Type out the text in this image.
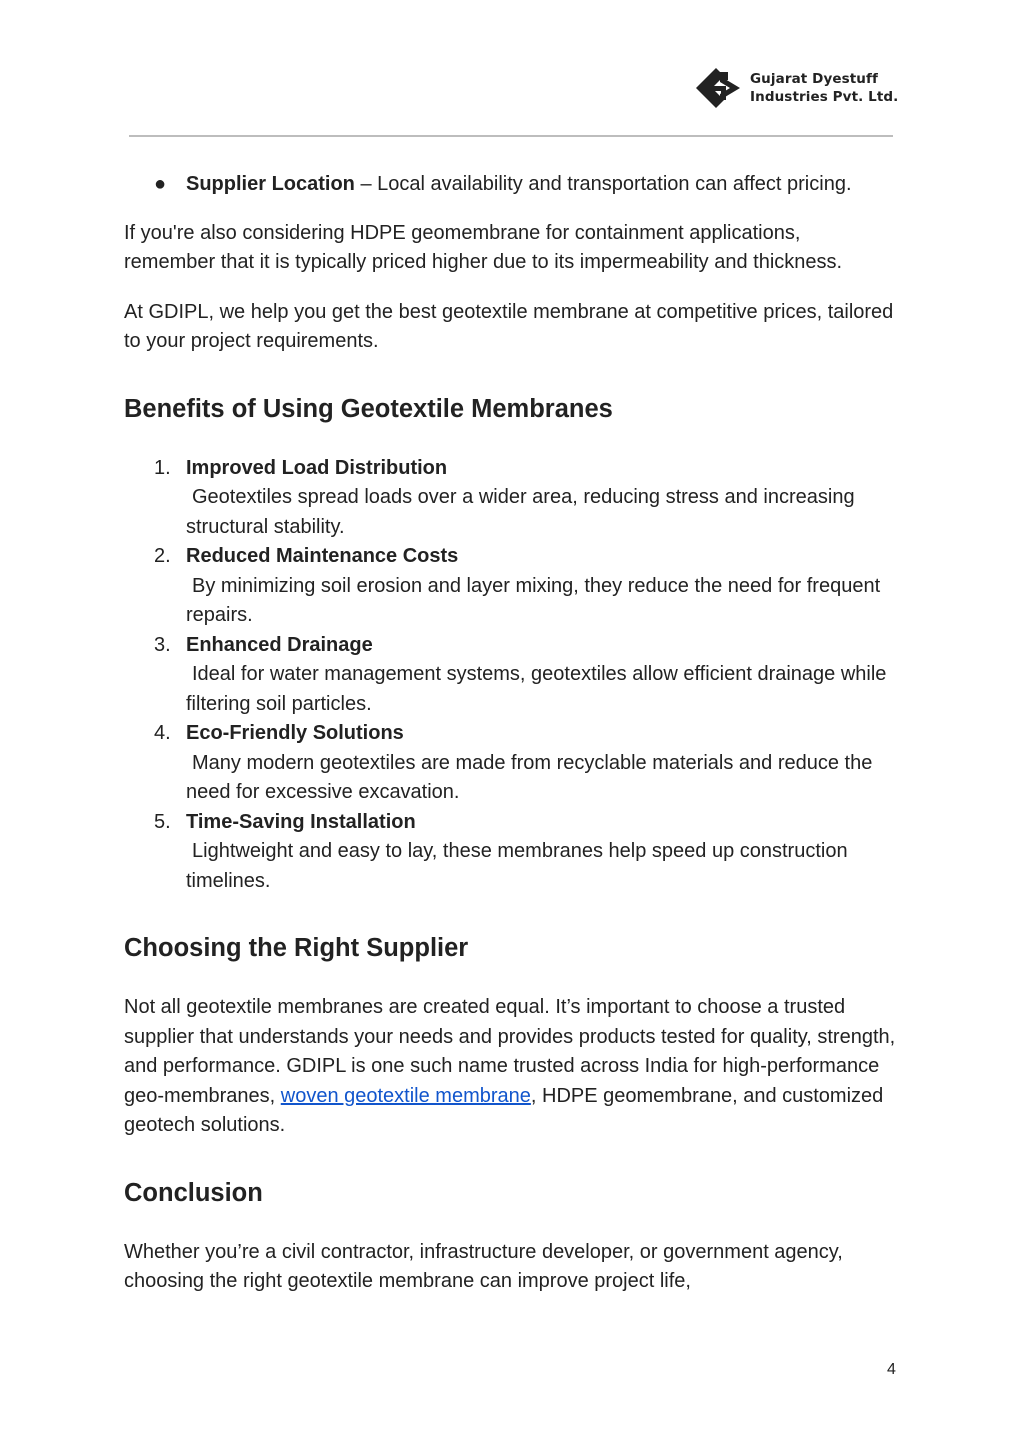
Gujarat Dyestuff
Industries Pvt. Ltd.
● Supplier Location – Local availability and transportation can affect pricing.

If you're also considering HDPE geomembrane for containment applications, remember that it is typically priced higher due to its impermeability and thickness.

At GDIPL, we help you get the best geotextile membrane at competitive prices, tailored to your project requirements.

Benefits of Using Geotextile Membranes
1. Improved Load Distribution
Geotextiles spread loads over a wider area, reducing stress and increasing structural stability.
2. Reduced Maintenance Costs
By minimizing soil erosion and layer mixing, they reduce the need for frequent repairs.
3. Enhanced Drainage
Ideal for water management systems, geotextiles allow efficient drainage while filtering soil particles.
4. Eco-Friendly Solutions
Many modern geotextiles are made from recyclable materials and reduce the need for excessive excavation.
5. Time-Saving Installation
Lightweight and easy to lay, these membranes help speed up construction timelines.
Choosing the Right Supplier

Not all geotextile membranes are created equal. It’s important to choose a trusted supplier that understands your needs and provides products tested for quality, strength, and performance. GDIPL is one such name trusted across India for high-performance geo-membranes, woven geotextile membrane, HDPE geomembrane, and customized geotech solutions.

Conclusion

Whether you’re a civil contractor, infrastructure developer, or government agency, choosing the right geotextile membrane can improve project life,

4
